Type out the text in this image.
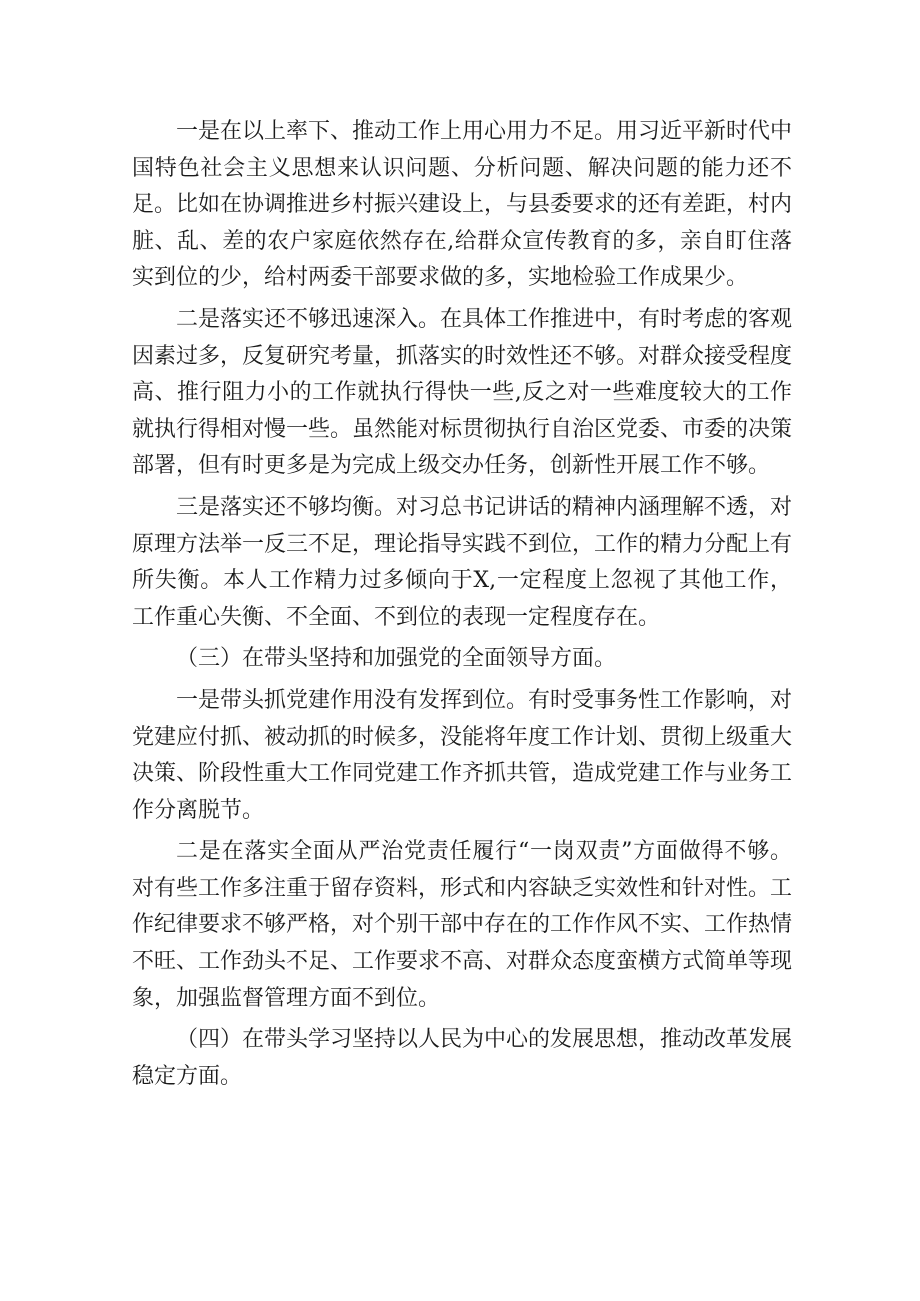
一是在以上率下、推动工作上用心用力不足。用习近平新时代中国特色社会主义思想来认识问题、分析问题、解决问题的能力还不足。比如在协调推进乡村振兴建设上，与县委要求的还有差距，村内脏、乱、差的农户家庭依然存在,给群众宣传教育的多，亲自盯住落实到位的少，给村两委干部要求做的多，实地检验工作成果少。

二是落实还不够迅速深入。在具体工作推进中，有时考虑的客观因素过多，反复研究考量，抓落实的时效性还不够。对群众接受程度高、推行阻力小的工作就执行得快一些,反之对一些难度较大的工作就执行得相对慢一些。虽然能对标贯彻执行自治区党委、市委的决策部署，但有时更多是为完成上级交办任务，创新性开展工作不够。

三是落实还不够均衡。对习总书记讲话的精神内涵理解不透，对原理方法举一反三不足，理论指导实践不到位，工作的精力分配上有所失衡。本人工作精力过多倾向于X,一定程度上忽视了其他工作，工作重心失衡、不全面、不到位的表现一定程度存在。

（三）在带头坚持和加强党的全面领导方面。

一是带头抓党建作用没有发挥到位。有时受事务性工作影响，对党建应付抓、被动抓的时候多，没能将年度工作计划、贯彻上级重大决策、阶段性重大工作同党建工作齐抓共管，造成党建工作与业务工作分离脱节。

二是在落实全面从严治党责任履行“一岗双责”方面做得不够。对有些工作多注重于留存资料，形式和内容缺乏实效性和针对性。工作纪律要求不够严格，对个别干部中存在的工作作风不实、工作热情不旺、工作劲头不足、工作要求不高、对群众态度蛮横方式简单等现象，加强监督管理方面不到位。

（四）在带头学习坚持以人民为中心的发展思想，推动改革发展稳定方面。
